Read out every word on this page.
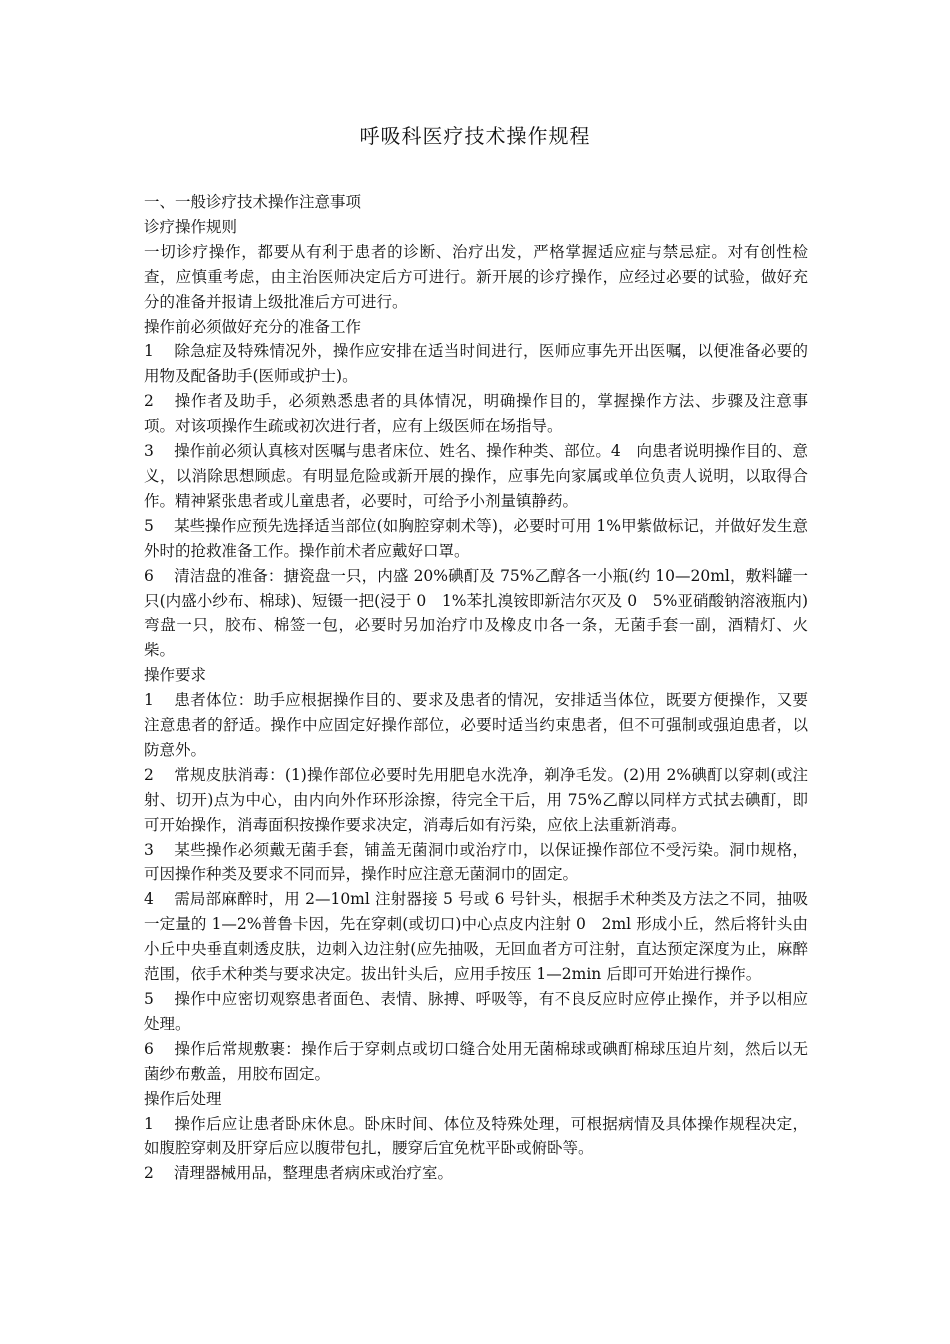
呼吸科医疗技术操作规程

一、一般诊疗技术操作注意事项

诊疗操作规则

一切诊疗操作，都要从有利于患者的诊断、治疗出发，严格掌握适应症与禁忌症。对有创性检查，应慎重考虑，由主治医师决定后方可进行。新开展的诊疗操作，应经过必要的试验，做好充分的准备并报请上级批准后方可进行。

操作前必须做好充分的准备工作

1 除急症及特殊情况外，操作应安排在适当时间进行，医师应事先开出医嘱，以便准备必要的用物及配备助手(医师或护士)。

2 操作者及助手，必须熟悉患者的具体情况，明确操作目的，掌握操作方法、步骤及注意事项。对该项操作生疏或初次进行者，应有上级医师在场指导。

3 操作前必须认真核对医嘱与患者床位、姓名、操作种类、部位。4　向患者说明操作目的、意义，以消除思想顾虑。有明显危险或新开展的操作，应事先向家属或单位负责人说明，以取得合作。精神紧张患者或儿童患者，必要时，可给予小剂量镇静药。

5 某些操作应预先选择适当部位(如胸腔穿刺术等)，必要时可用 1%甲紫做标记，并做好发生意外时的抢救准备工作。操作前术者应戴好口罩。

6 清洁盘的准备：搪瓷盘一只，内盛 20%碘酊及 75%乙醇各一小瓶(约 10—20ml，敷料罐一只(内盛小纱布、棉球)、短镊一把(浸于 0　1%苯扎溴铵即新洁尔灭及 0　5%亚硝酸钠溶液瓶内)弯盘一只，胶布、棉签一包，必要时另加治疗巾及橡皮巾各一条，无菌手套一副，酒精灯、火柴。

操作要求

1 患者体位：助手应根据操作目的、要求及患者的情况，安排适当体位，既要方便操作，又要注意患者的舒适。操作中应固定好操作部位，必要时适当约束患者，但不可强制或强迫患者，以防意外。

2 常规皮肤消毒：(1)操作部位必要时先用肥皂水洗净，剃净毛发。(2)用 2%碘酊以穿刺(或注射、切开)点为中心，由内向外作环形涂擦，待完全干后，用 75%乙醇以同样方式拭去碘酊，即可开始操作，消毒面积按操作要求决定，消毒后如有污染，应依上法重新消毒。

3 某些操作必须戴无菌手套，铺盖无菌洞巾或治疗巾，以保证操作部位不受污染。洞巾规格，可因操作种类及要求不同而异，操作时应注意无菌洞巾的固定。

4 需局部麻醉时，用 2—10ml 注射器接 5 号或 6 号针头，根据手术种类及方法之不同，抽吸一定量的 1—2%普鲁卡因，先在穿刺(或切口)中心点皮内注射 0　2ml 形成小丘，然后将针头由小丘中央垂直刺透皮肤，边刺入边注射(应先抽吸，无回血者方可注射，直达预定深度为止，麻醉范围，依手术种类与要求决定。拔出针头后，应用手按压 1—2min 后即可开始进行操作。

5 操作中应密切观察患者面色、表情、脉搏、呼吸等，有不良反应时应停止操作，并予以相应处理。

6 操作后常规敷裹：操作后于穿刺点或切口缝合处用无菌棉球或碘酊棉球压迫片刻，然后以无菌纱布敷盖，用胶布固定。

操作后处理

1 操作后应让患者卧床休息。卧床时间、体位及特殊处理，可根据病情及具体操作规程决定，如腹腔穿刺及肝穿后应以腹带包扎，腰穿后宜免枕平卧或俯卧等。

2 清理器械用品，整理患者病床或治疗室。
